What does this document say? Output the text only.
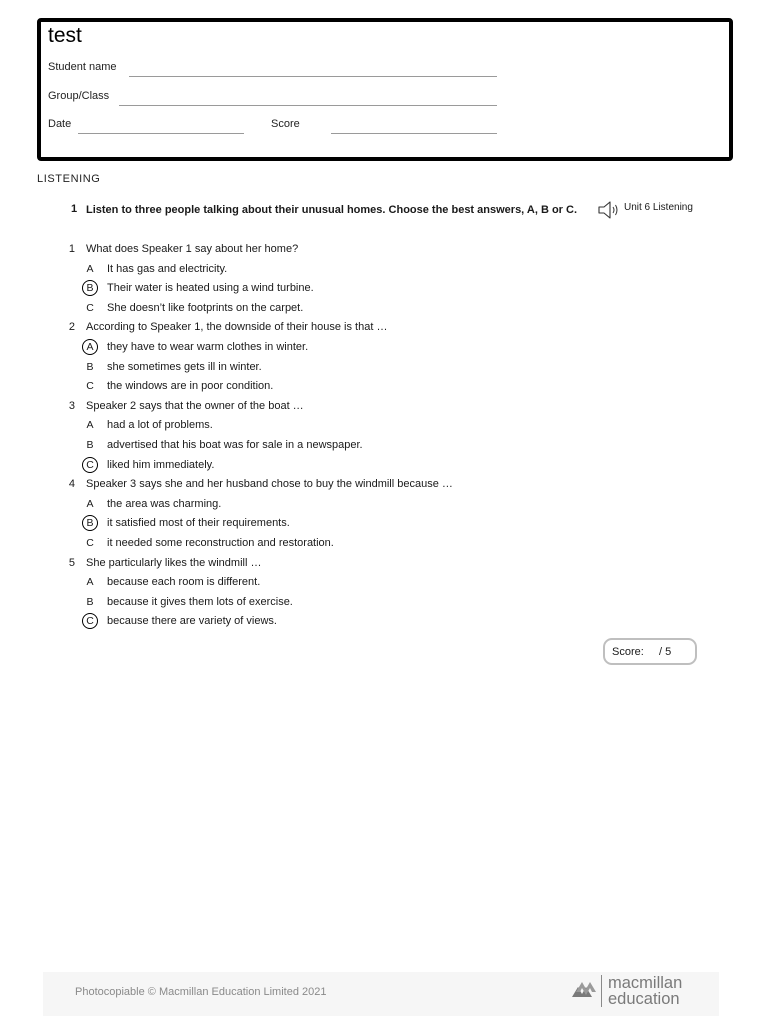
test
Student name
Group/Class
Date	Score
LISTENING
1 Listen to three people talking about their unusual homes. Choose the best answers, A, B or C.	Unit 6 Listening
1 What does Speaker 1 say about her home?
A	It has gas and electricity.
B	Their water is heated using a wind turbine.
C	She doesn’t like footprints on the carpet.
2 According to Speaker 1, the downside of their house is that …
A	they have to wear warm clothes in winter.
B	she sometimes gets ill in winter.
C	the windows are in poor condition.
3 Speaker 2 says that the owner of the boat …
A	had a lot of problems.
B	advertised that his boat was for sale in a newspaper.
C	liked him immediately.
4 Speaker 3 says she and her husband chose to buy the windmill because …
A	the area was charming.
B	it satisfied most of their requirements.
C	it needed some reconstruction and restoration.
5 She particularly likes the windmill …
A	because each room is different.
B	because it gives them lots of exercise.
C	because there are variety of views.
Score: / 5
Photocopiable © Macmillan Education Limited 2021	macmillan
education
